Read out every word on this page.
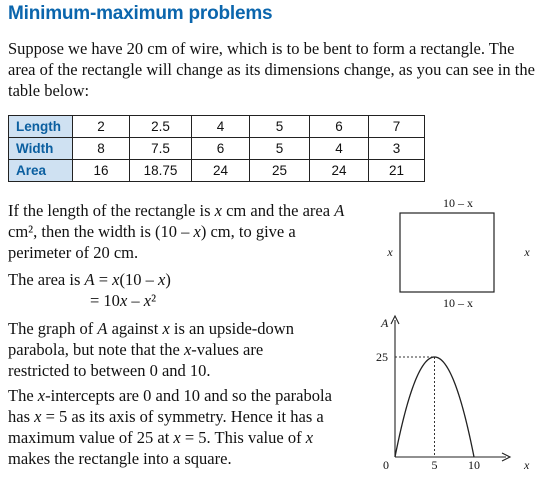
Minimum-maximum problems
Suppose we have 20 cm of wire, which is to be bent to form a rectangle. The area of the rectangle will change as its dimensions change, as you can see in the table below:
Length	2	2.5	4	5	6	7
Width	8	7.5	6	5	4	3
Area	16	18.75	24	25	24	21
If the length of the rectangle is x cm and the area A cm², then the width is (10 – x) cm, to give a perimeter of 20 cm.
The area is A = x(10 – x)
= 10x – x²
The graph of A against x is an upside-down parabola, but note that the x-values are restricted to between 0 and 10.
The x-intercepts are 0 and 10 and so the parabola has x = 5 as its axis of symmetry. Hence it has a maximum value of 25 at x = 5. This value of x makes the rectangle into a square.
10 – x
10 – x
x	x
A
x
0
25
5	10
